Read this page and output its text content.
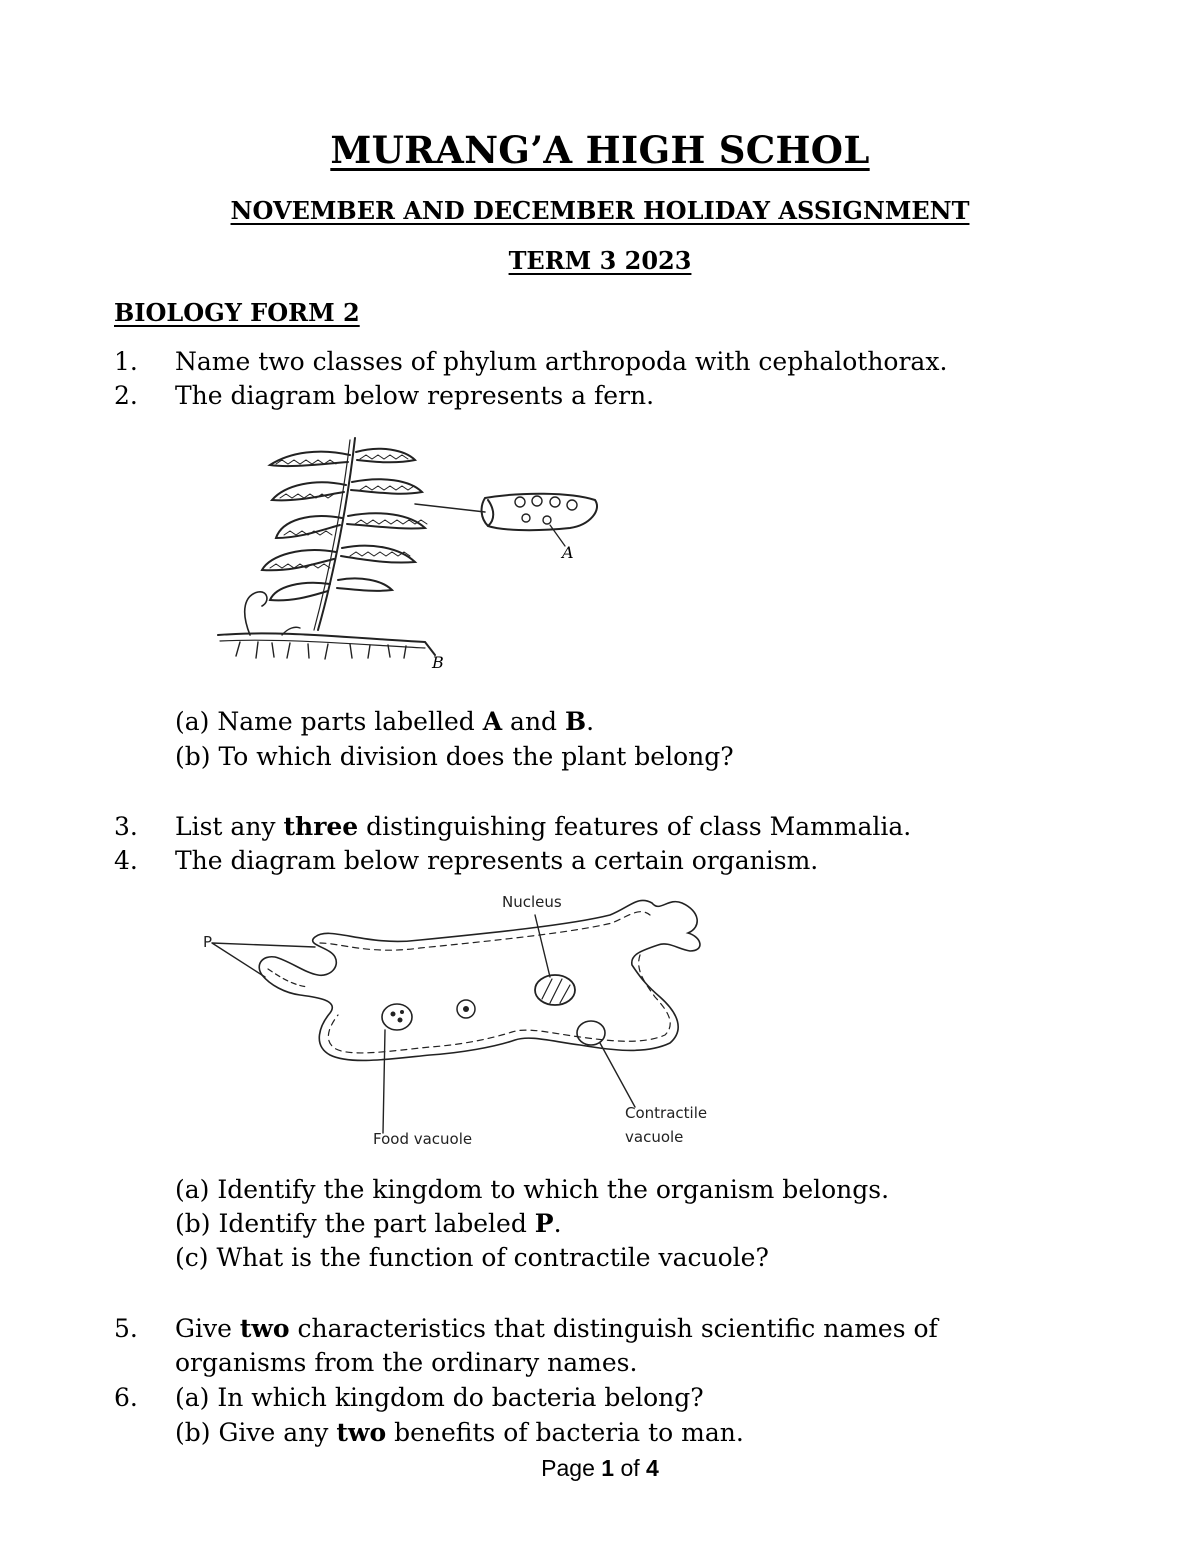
MURANG’A HIGH SCHOL
NOVEMBER AND DECEMBER HOLIDAY ASSIGNMENT
TERM 3 2023
BIOLOGY FORM 2
1. Name two classes of phylum arthropoda with cephalothorax.
2. The diagram below represents a fern.
A
B
(a) Name parts labelled A and B.
(b) To which division does the plant belong?
3. List any three distinguishing features of class Mammalia.
4. The diagram below represents a certain organism.
P
Nucleus
Food vacuole
Contractile
vacuole
(a) Identify the kingdom to which the organism belongs.
(b) Identify the part labeled P.
(c) What is the function of contractile vacuole?
5. Give two characteristics that distinguish scientific names of
organisms from the ordinary names.
6. (a) In which kingdom do bacteria belong?
(b) Give any two benefits of bacteria to man.
Page 1 of 4
